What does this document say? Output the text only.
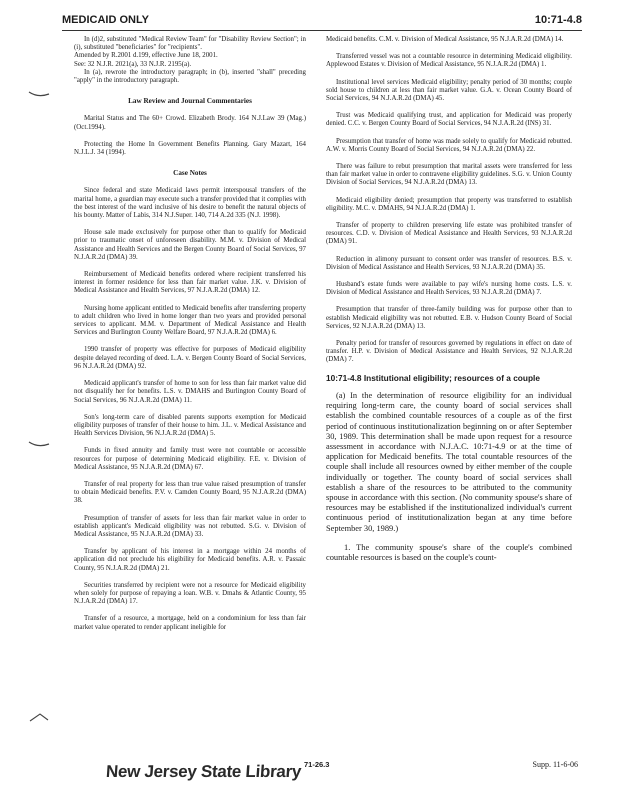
MEDICAID ONLY	10:71-4.8

In (d)2, substituted "Medical Review Team" for "Disability Review Section"; in (i), substituted "beneficiaries" for "recipients".

Amended by R.2001 d.199, effective June 18, 2001.

See: 32 N.J.R. 2021(a), 33 N.J.R. 2195(a).

In (a), rewrote the introductory paragraph; in (b), inserted "shall" preceding "apply" in the introductory paragraph.

Law Review and Journal Commentaries

Marital Status and The 60+ Crowd. Elizabeth Brody. 164 N.J.Law 39 (Mag.) (Oct.1994).

Protecting the Home In Government Benefits Planning. Gary Mazart, 164 N.J.L.J. 34 (1994).

Case Notes

Since federal and state Medicaid laws permit interspousal transfers of the marital home, a guardian may execute such a transfer provided that it complies with the best interest of the ward inclusive of his desire to benefit the natural objects of his bounty. Matter of Labis, 314 N.J.Super. 140, 714 A.2d 335 (N.J. 1998).

House sale made exclusively for purpose other than to qualify for Medicaid prior to traumatic onset of unforeseen disability. M.M. v. Division of Medical Assistance and Health Services and the Bergen County Board of Social Services, 97 N.J.A.R.2d (DMA) 39.

Reimbursement of Medicaid benefits ordered where recipient transferred his interest in former residence for less than fair market value. J.K. v. Division of Medical Assistance and Health Services, 97 N.J.A.R.2d (DMA) 12.

Nursing home applicant entitled to Medicaid benefits after transferring property to adult children who lived in home longer than two years and provided personal services to applicant. M.M. v. Department of Medical Assistance and Health Services and Burlington County Welfare Board, 97 N.J.A.R.2d (DMA) 6.

1990 transfer of property was effective for purposes of Medicaid eligibility despite delayed recording of deed. L.A. v. Bergen County Board of Social Services, 96 N.J.A.R.2d (DMA) 92.

Medicaid applicant's transfer of home to son for less than fair market value did not disqualify her for benefits. L.S. v. DMAHS and Burlington County Board of Social Services, 96 N.J.A.R.2d (DMA) 11.

Son's long-term care of disabled parents supports exemption for Medicaid eligibility purposes of transfer of their house to him. J.L. v. Medical Assistance and Health Services Division, 96 N.J.A.R.2d (DMA) 5.

Funds in fixed annuity and family trust were not countable or accessible resources for purpose of determining Medicaid eligibility. F.E. v. Division of Medical Assistance, 95 N.J.A.R.2d (DMA) 67.

Transfer of real property for less than true value raised presumption of transfer to obtain Medicaid benefits. P.V. v. Camden County Board, 95 N.J.A.R.2d (DMA) 38.

Presumption of transfer of assets for less than fair market value in order to establish applicant's Medicaid eligibility was not rebutted. S.G. v. Division of Medical Assistance, 95 N.J.A.R.2d (DMA) 33.

Transfer by applicant of his interest in a mortgage within 24 months of application did not preclude his eligibility for Medicaid benefits. A.R. v. Passaic County, 95 N.J.A.R.2d (DMA) 21.

Securities transferred by recipient were not a resource for Medicaid eligibility when solely for purpose of repaying a loan. W.B. v. Dmahs & Atlantic County, 95 N.J.A.R.2d (DMA) 17.

Transfer of a resource, a mortgage, held on a condominium for less than fair market value operated to render applicant ineligible for

Medicaid benefits. C.M. v. Division of Medical Assistance, 95 N.J.A.R.2d (DMA) 14.

Transferred vessel was not a countable resource in determining Medicaid eligibility. Applewood Estates v. Division of Medical Assistance, 95 N.J.A.R.2d (DMA) 1.

Institutional level services Medicaid eligibility; penalty period of 30 months; couple sold house to children at less than fair market value. G.A. v. Ocean County Board of Social Services, 94 N.J.A.R.2d (DMA) 45.

Trust was Medicaid qualifying trust, and application for Medicaid was properly denied. C.C. v. Bergen County Board of Social Services, 94 N.J.A.R.2d (INS) 31.

Presumption that transfer of home was made solely to qualify for Medicaid rebutted. A.W. v. Morris County Board of Social Services, 94 N.J.A.R.2d (DMA) 22.

There was failure to rebut presumption that marital assets were transferred for less than fair market value in order to contravene eligibility guidelines. S.G. v. Union County Division of Social Services, 94 N.J.A.R.2d (DMA) 13.

Medicaid eligibility denied; presumption that property was transferred to establish eligibility. M.C. v. DMAHS, 94 N.J.A.R.2d (DMA) 1.

Transfer of property to children preserving life estate was prohibited transfer of resources. C.D. v. Division of Medical Assistance and Health Services, 93 N.J.A.R.2d (DMA) 91.

Reduction in alimony pursuant to consent order was transfer of resources. B.S. v. Division of Medical Assistance and Health Services, 93 N.J.A.R.2d (DMA) 35.

Husband's estate funds were available to pay wife's nursing home costs. L.S. v. Division of Medical Assistance and Health Services, 93 N.J.A.R.2d (DMA) 7.

Presumption that transfer of three-family building was for purpose other than to establish Medicaid eligibility was not rebutted. E.B. v. Hudson County Board of Social Services, 92 N.J.A.R.2d (DMA) 13.

Penalty period for transfer of resources governed by regulations in effect on date of transfer. H.P. v. Division of Medical Assistance and Health Services, 92 N.J.A.R.2d (DMA) 7.

10:71-4.8 Institutional eligibility; resources of a couple

(a) In the determination of resource eligibility for an individual requiring long-term care, the county board of social services shall establish the combined countable resources of a couple as of the first period of continuous institutionalization beginning on or after September 30, 1989. This determination shall be made upon request for a resource assessment in accordance with N.J.A.C. 10:71-4.9 or at the time of application for Medicaid benefits. The total countable resources of the couple shall include all resources owned by either member of the couple individually or together. The county board of social services shall establish a share of the resources to be attributed to the community spouse in accordance with this section. (No community spouse's share of resources may be established if the institutionalized individual's current continuous period of institutionalization began at any time before September 30, 1989.)

1. The community spouse's share of the couple's combined countable resources is based on the couple's count-

New Jersey State Library 71-26.3	Supp. 11-6-06
